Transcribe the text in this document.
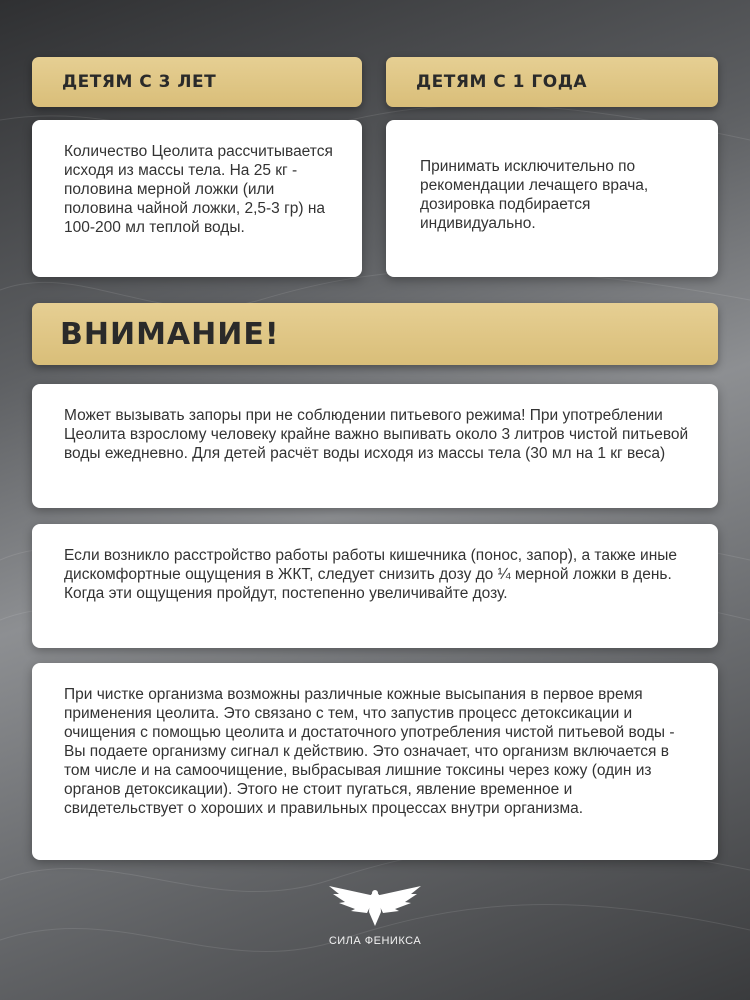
ДЕТЯМ С 3 ЛЕТ	ДЕТЯМ С 1 ГОДА

Количество Цеолита рассчитывается исходя из массы тела. На 25 кг - половина мерной ложки (или половина чайной ложки, 2,5-3 гр) на 100-200 мл теплой воды.

Принимать исключительно по рекомендации лечащего врача, дозировка подбирается индивидуально.

ВНИМАНИЕ!

Может вызывать запоры при не соблюдении питьевого режима! При употреблении Цеолита взрослому человеку крайне важно выпивать около 3 литров чистой питьевой воды ежедневно. Для детей расчёт воды исходя из массы тела (30 мл на 1 кг веса)

Если возникло расстройство работы работы кишечника (понос, запор), а также иные дискомфортные ощущения в ЖКТ, следует снизить дозу до ¼ мерной ложки в день. Когда эти ощущения пройдут, постепенно увеличивайте дозу.

При чистке организма возможны различные кожные высыпания в первое время применения цеолита. Это связано с тем, что запустив процесс детоксикации и очищения с помощью цеолита и достаточного употребления чистой питьевой воды - Вы подаете организму сигнал к действию. Это означает, что организм включается в том числе и на самоочищение, выбрасывая лишние токсины через кожу (один из органов детоксикации). Этого не стоит пугаться, явление временное и свидетельствует о хороших и правильных процессах внутри организма.

СИЛА ФЕНИКСА
